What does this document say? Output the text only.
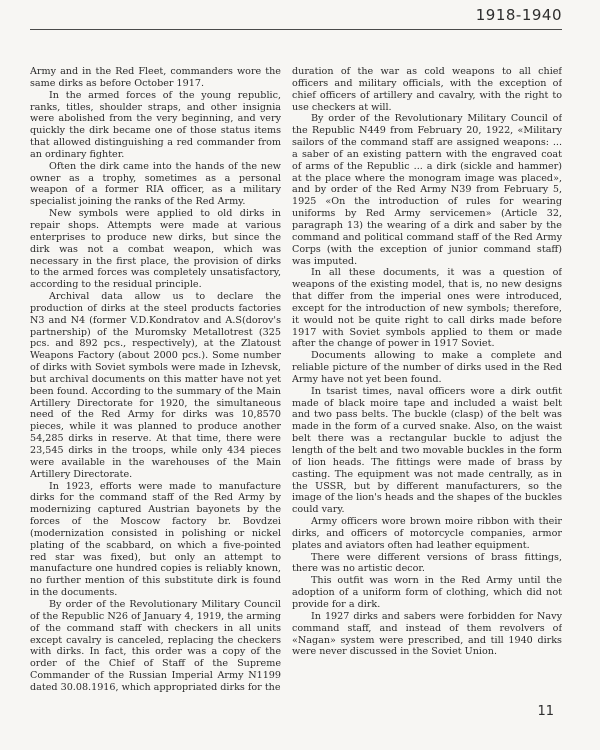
1918-1940

Army and in the Red Fleet, commanders wore the same dirks as before October 1917.

In the armed forces of the young republic, ranks, titles, shoulder straps, and other insignia were abolished from the very beginning, and very quickly the dirk became one of those status items that allowed distinguishing a red commander from an ordinary fighter.

Often the dirk came into the hands of the new owner as a trophy, sometimes as a personal weapon of a former RIA officer, as a military specialist joining the ranks of the Red Army.

New symbols were applied to old dirks in repair shops. Attempts were made at various enterprises to produce new dirks, but since the dirk was not a combat weapon, which was necessary in the first place, the provision of dirks to the armed forces was completely unsatisfactory, according to the residual principle.

Archival data allow us to declare the production of dirks at the steel products factories N3 and N4 (former V.D.Kondratov and A.S(dorov's partnership) of the Muromsky Metallotrest (325 pcs. and 892 pcs., respectively), at the Zlatoust Weapons Factory (about 2000 pcs.). Some number of dirks with Soviet symbols were made in Izhevsk, but archival documents on this matter have not yet been found. According to the summary of the Main Artillery Directorate for 1920, the simultaneous need of the Red Army for dirks was 10,8570 pieces, while it was planned to produce another 54,285 dirks in reserve. At that time, there were 23,545 dirks in the troops, while only 434 pieces were available in the warehouses of the Main Artillery Directorate.

In 1923, efforts were made to manufacture dirks for the command staff of the Red Army by modernizing captured Austrian bayonets by the forces of the Moscow factory br. Bovdzei (modernization consisted in polishing or nickel plating of the scabbard, on which a five-pointed red star was fixed), but only an attempt to manufacture one hundred copies is reliably known, no further mention of this substitute dirk is found in the documents.

By order of the Revolutionary Military Council of the Republic N26 of January 4, 1919, the arming of the command staff with checkers in all units except cavalry is canceled, replacing the checkers with dirks. In fact, this order was a copy of the order of the Chief of Staff of the Supreme Commander of the Russian Imperial Army N1199 dated 30.08.1916, which appropriated dirks for the

duration of the war as cold weapons to all chief officers and military officials, with the exception of chief officers of artillery and cavalry, with the right to use checkers at will.

By order of the Revolutionary Military Council of the Republic N449 from February 20, 1922, «Military sailors of the command staff are assigned weapons: ... a saber of an existing pattern with the engraved coat of arms of the Republic ... a dirk (sickle and hammer) at the place where the monogram image was placed», and by order of the Red Army N39 from February 5, 1925 «On the introduction of rules for wearing uniforms by Red Army servicemen» (Article 32, paragraph 13) the wearing of a dirk and saber by the command and political command staff of the Red Army Corps (with the exception of junior command staff) was imputed.

In all these documents, it was a question of weapons of the existing model, that is, no new designs that differ from the imperial ones were introduced, except for the introduction of new symbols; therefore, it would not be quite right to call dirks made before 1917 with Soviet symbols applied to them or made after the change of power in 1917 Soviet.

Documents allowing to make a complete and reliable picture of the number of dirks used in the Red Army have not yet been found.

In tsarist times, naval officers wore a dirk outfit made of black moire tape and included a waist belt and two pass belts. The buckle (clasp) of the belt was made in the form of a curved snake. Also, on the waist belt there was a rectangular buckle to adjust the length of the belt and two movable buckles in the form of lion heads. The fittings were made of brass by casting. The equipment was not made centrally, as in the USSR, but by different manufacturers, so the image of the lion's heads and the shapes of the buckles could vary.

Army officers wore brown moire ribbon with their dirks, and officers of motorcycle companies, armor plates and aviators often had leather equipment.

There were different versions of brass fittings, there was no artistic decor.

This outfit was worn in the Red Army until the adoption of a uniform form of clothing, which did not provide for a dirk.

In 1927 dirks and sabers were forbidden for Navy command staff, and instead of them revolvers of «Nagan» system were prescribed, and till 1940 dirks were never discussed in the Soviet Union.

11
